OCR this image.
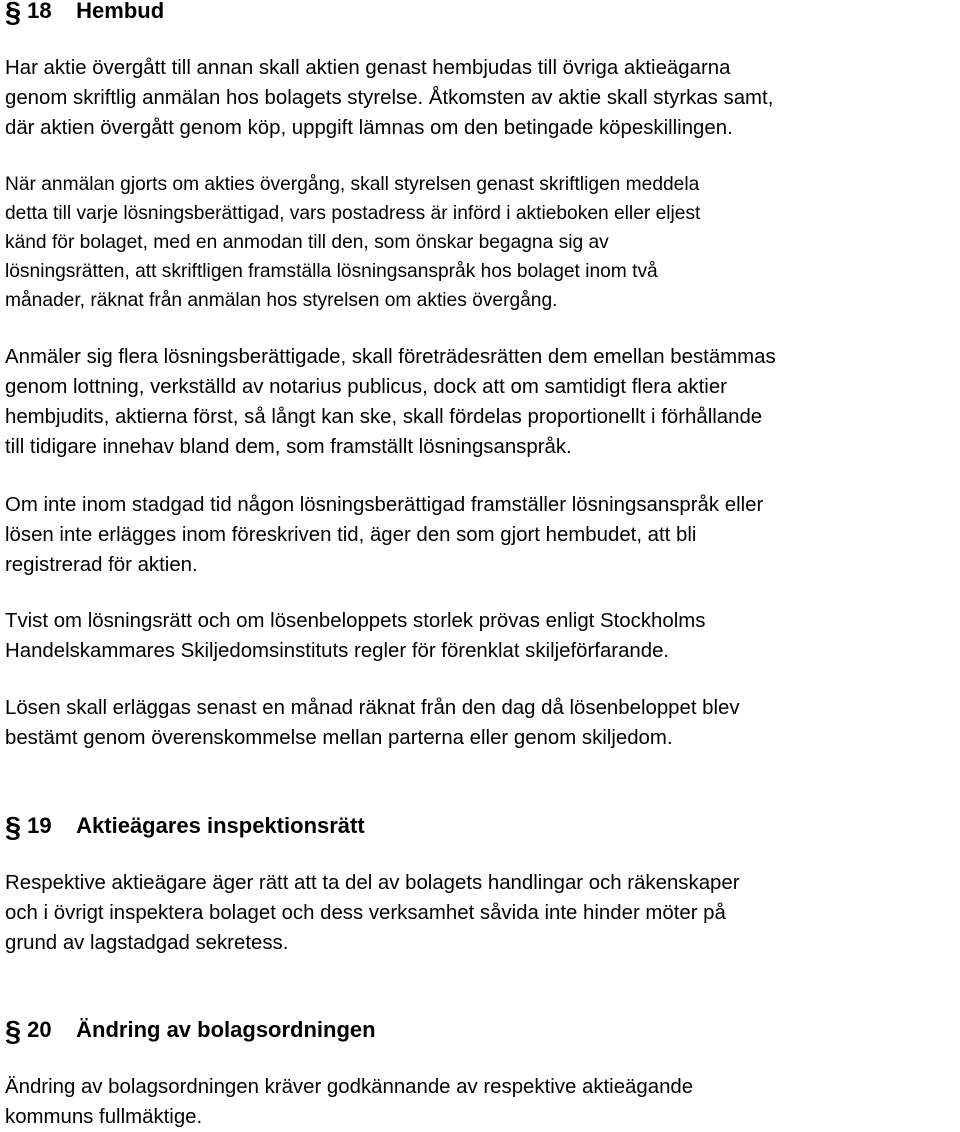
§ 18 Hembud

Har aktie övergått till annan skall aktien genast hembjudas till övriga aktieägarna
genom skriftlig anmälan hos bolagets styrelse. Åtkomsten av aktie skall styrkas samt,
där aktien övergått genom köp, uppgift lämnas om den betingade köpeskillingen.

När anmälan gjorts om akties övergång, skall styrelsen genast skriftligen meddela
detta till varje lösningsberättigad, vars postadress är införd i aktieboken eller eljest
känd för bolaget, med en anmodan till den, som önskar begagna sig av
lösningsrätten, att skriftligen framställa lösningsanspråk hos bolaget inom två
månader, räknat från anmälan hos styrelsen om akties övergång.

Anmäler sig flera lösningsberättigade, skall företrädesrätten dem emellan bestämmas
genom lottning, verkställd av notarius publicus, dock att om samtidigt flera aktier
hembjudits, aktierna först, så långt kan ske, skall fördelas proportionellt i förhållande
till tidigare innehav bland dem, som framställt lösningsanspråk.

Om inte inom stadgad tid någon lösningsberättigad framställer lösningsanspråk eller
lösen inte erlägges inom föreskriven tid, äger den som gjort hembudet, att bli
registrerad för aktien.

Tvist om lösningsrätt och om lösenbeloppets storlek prövas enligt Stockholms
Handelskammares Skiljedomsinstituts regler för förenklat skiljeförfarande.

Lösen skall erläggas senast en månad räknat från den dag då lösenbeloppet blev
bestämt genom överenskommelse mellan parterna eller genom skiljedom.

§ 19 Aktieägares inspektionsrätt

Respektive aktieägare äger rätt att ta del av bolagets handlingar och räkenskaper
och i övrigt inspektera bolaget och dess verksamhet såvida inte hinder möter på
grund av lagstadgad sekretess.

§ 20 Ändring av bolagsordningen

Ändring av bolagsordningen kräver godkännande av respektive aktieägande
kommuns fullmäktige.
